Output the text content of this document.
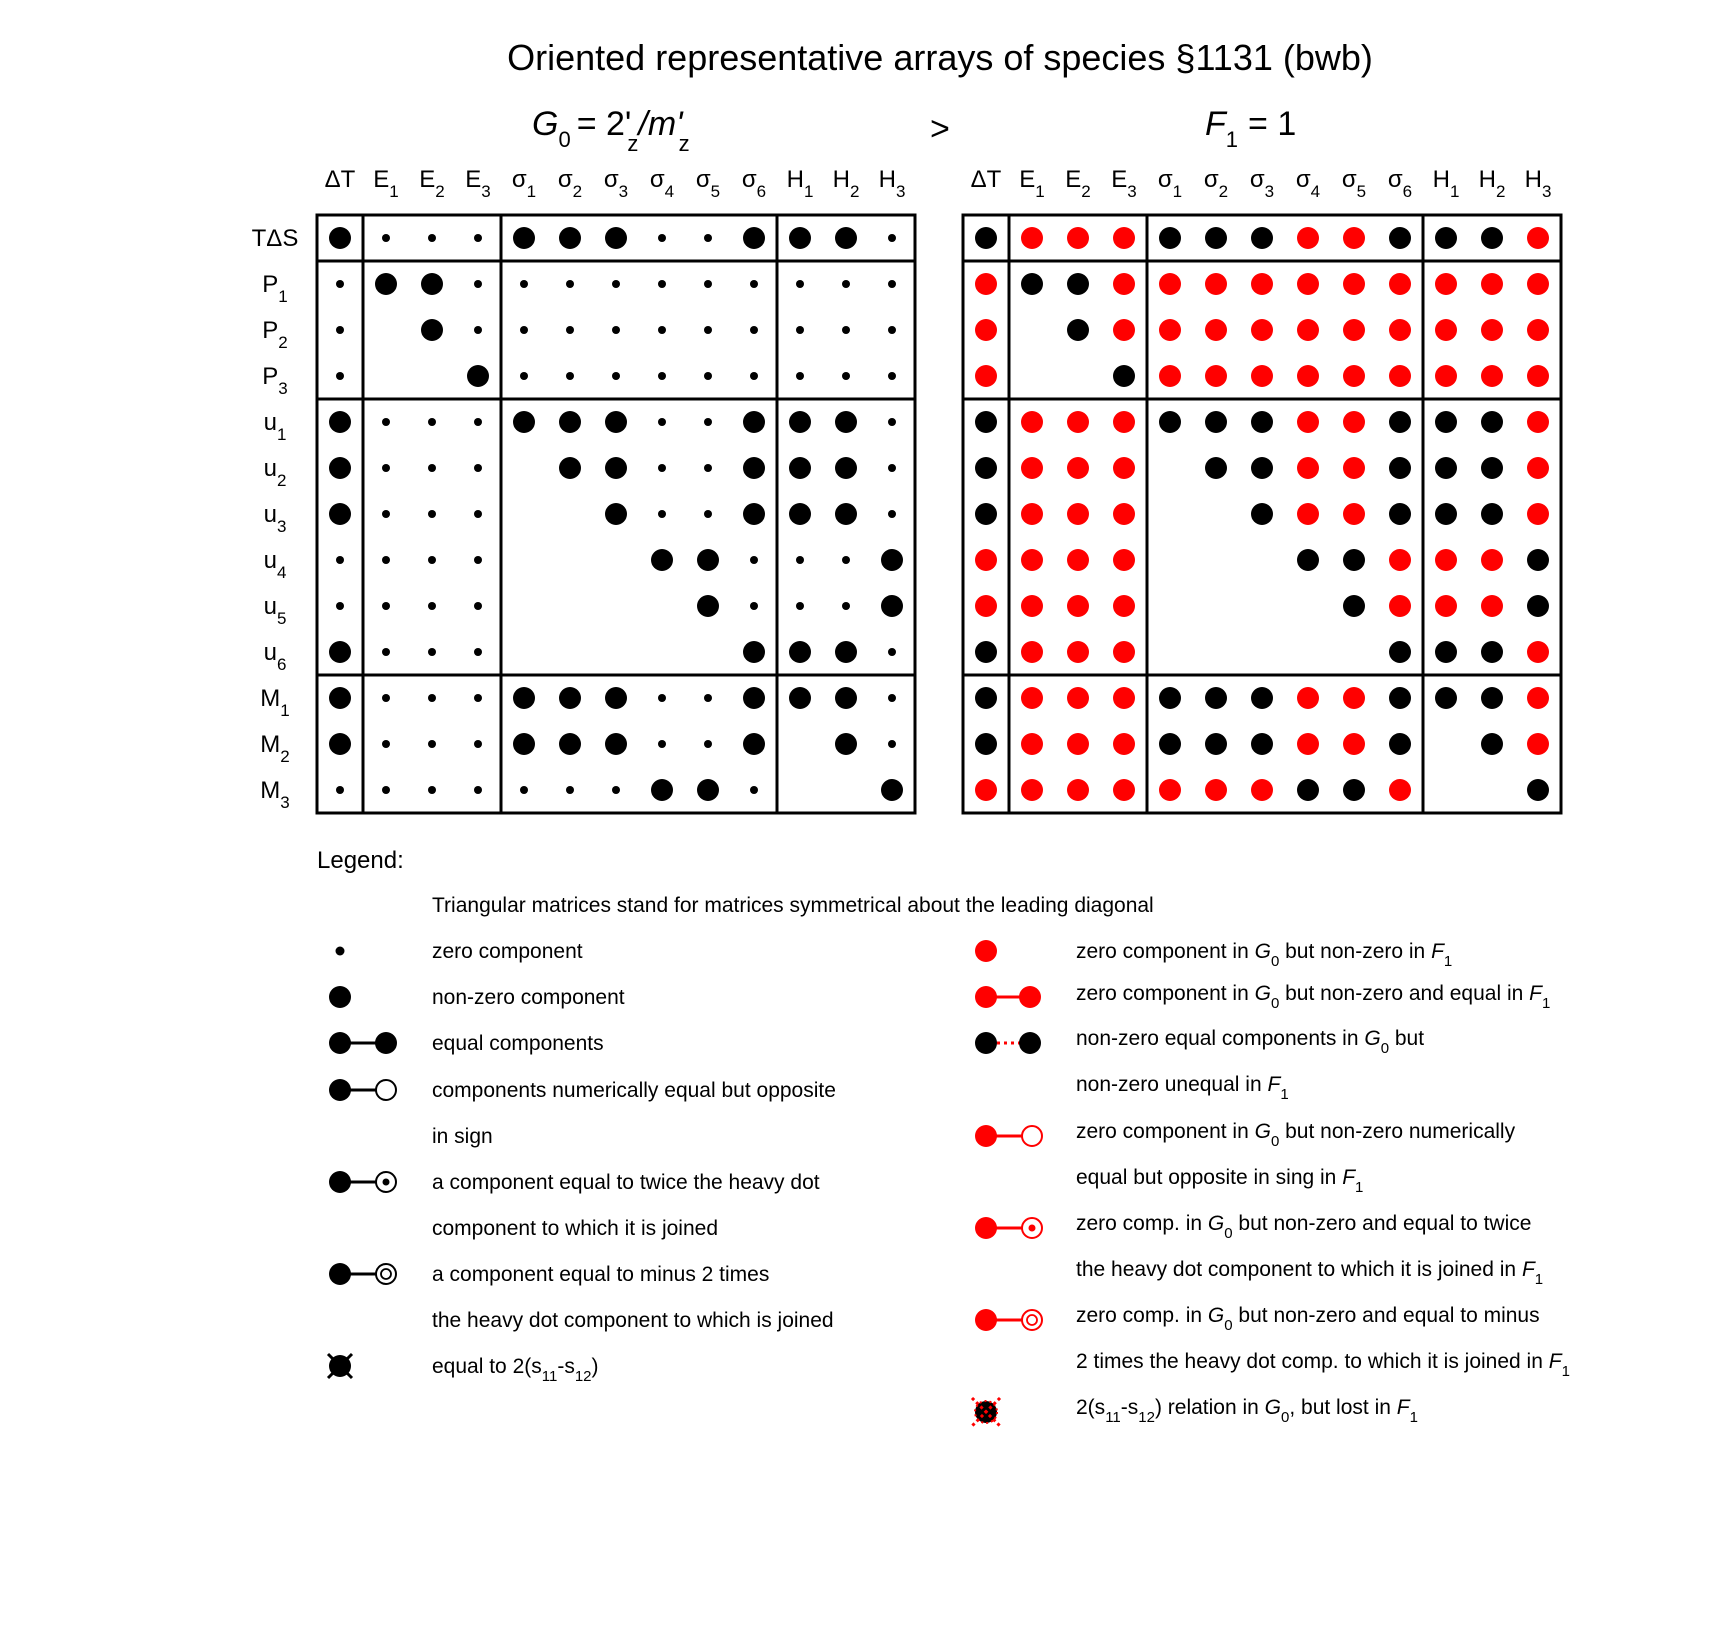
Oriented representative arrays of species §1131 (bwb)
$G_0 = 2'$ z/m' z	>	$F_1 = 1$
ΔT $E_1$ $E_2$ $E_3$ $\sigma_1$ $\sigma_2$ $\sigma_3$ $\sigma_4$ $\sigma_5$ $\sigma_6$ $H_1$ $H_2$ $H_3$
TΔS
$P_1$
$P_2$
$P_3$
$u_1$
$u_2$
$u_3$
$u_4$
$u_5$
$u_6$
$M_1$
$M_2$
$M_3$
ΔT $E_1$ $E_2$ $E_3$ $\sigma_1$ $\sigma_2$ $\sigma_3$ $\sigma_4$ $\sigma_5$ $\sigma_6$ $H_1$ $H_2$ $H_3$
Legend:
Triangular matrices stand for matrices symmetrical about the leading diagonal
zero component
non-zero component
equal components
components numerically equal but opposite
in sign
a component equal to twice the heavy dot
component to which it is joined
a component equal to minus 2 times
the heavy dot component to which is joined
equal to $2(s_{11}-s_{12})$
zero component in $G_0$ but non-zero in $F_1$
zero component in $G_0$ but non-zero and equal in $F_1$
non-zero equal components in $G_0$ but
non-zero unequal in $F_1$
zero component in $G_0$ but non-zero numerically
equal but opposite in sing in $F_1$
zero comp. in $G_0$ but non-zero and equal to twice
the heavy dot component to which it is joined in $F_1$
zero comp. in $G_0$ but non-zero and equal to minus
2 times the heavy dot comp. to which it is joined in $F_1$
$2(s_{11}-s_{12})$ relation in $G_0$, but lost in $F_1$
